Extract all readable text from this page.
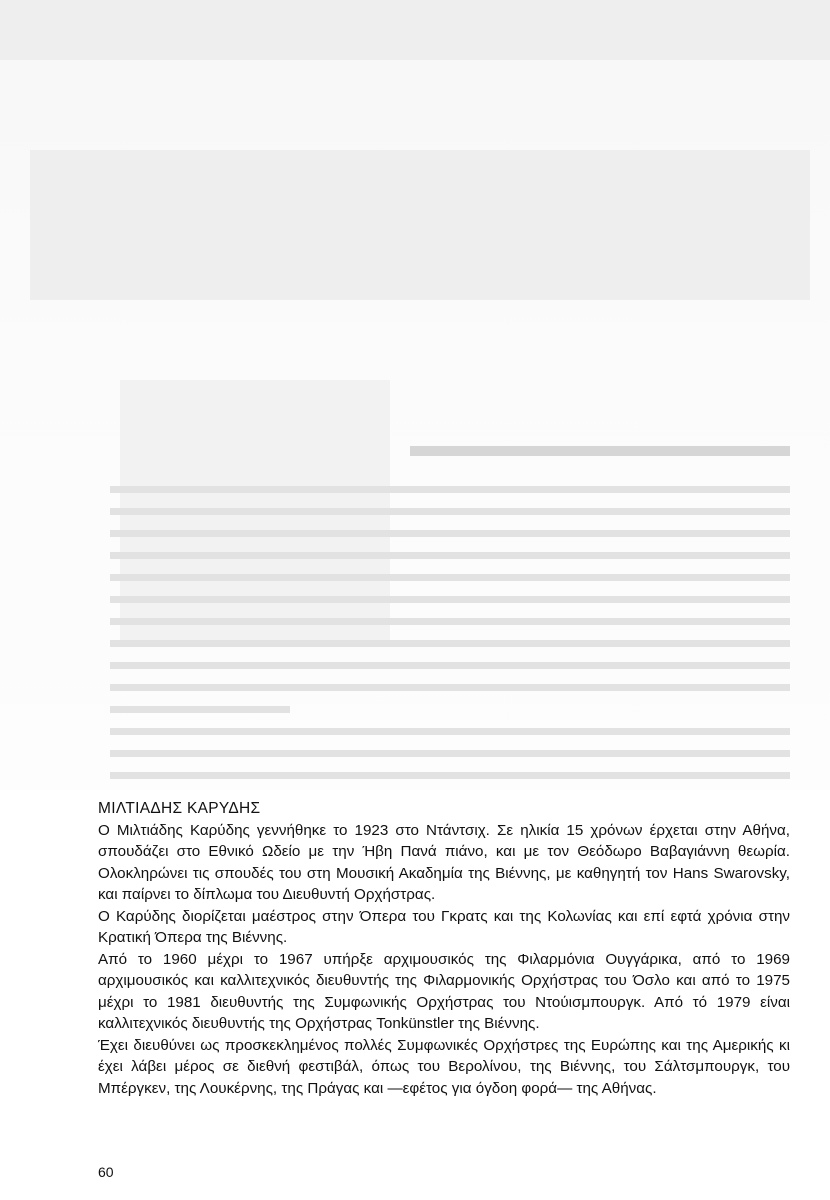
ΜΙΛΤΙΑΔΗΣ ΚΑΡΥΔΗΣ

Ο Μιλτιάδης Καρύδης γεννήθηκε το 1923 στο Ντάντσιχ. Σε ηλικία 15 χρόνων έρχεται στην Αθήνα, σπουδάζει στο Εθνικό Ωδείο με την Ήβη Πανά πιάνο, και με τον Θεόδωρο Βαβαγιάννη θεωρία. Ολοκληρώνει τις σπουδές του στη Μουσική Ακαδημία της Βιέννης, με καθηγητή τον Hans Swarovsky, και παίρνει το δίπλωμα του Διευθυντή Ορχήστρας.

Ο Καρύδης διορίζεται μαέστρος στην Όπερα του Γκρατς και της Κολωνίας και επί εφτά χρόνια στην Κρατική Όπερα της Βιέννης.

Από το 1960 μέχρι το 1967 υπήρξε αρχιμουσικός της Φιλαρμόνια Ουγγάρικα, από το 1969 αρχιμουσικός και καλλιτεχνικός διευθυντής της Φιλαρμονικής Ορχήστρας του Όσλο και από το 1975 μέχρι το 1981 διευθυντής της Συμφωνικής Ορχήστρας του Ντούισμπουργκ. Από τό 1979 είναι καλλιτεχνικός διευθυντής της Ορχήστρας Tonkünstler της Βιέννης.

Έχει διευθύνει ως προσκεκλημένος πολλές Συμφωνικές Ορχήστρες της Ευρώπης και της Αμερικής κι έχει λάβει μέρος σε διεθνή φεστιβάλ, όπως του Βερολίνου, της Βιέννης, του Σάλτσμπουργκ, του Μπέργκεν, της Λουκέρνης, της Πράγας και —εφέτος για όγδοη φορά— της Αθήνας.

60
